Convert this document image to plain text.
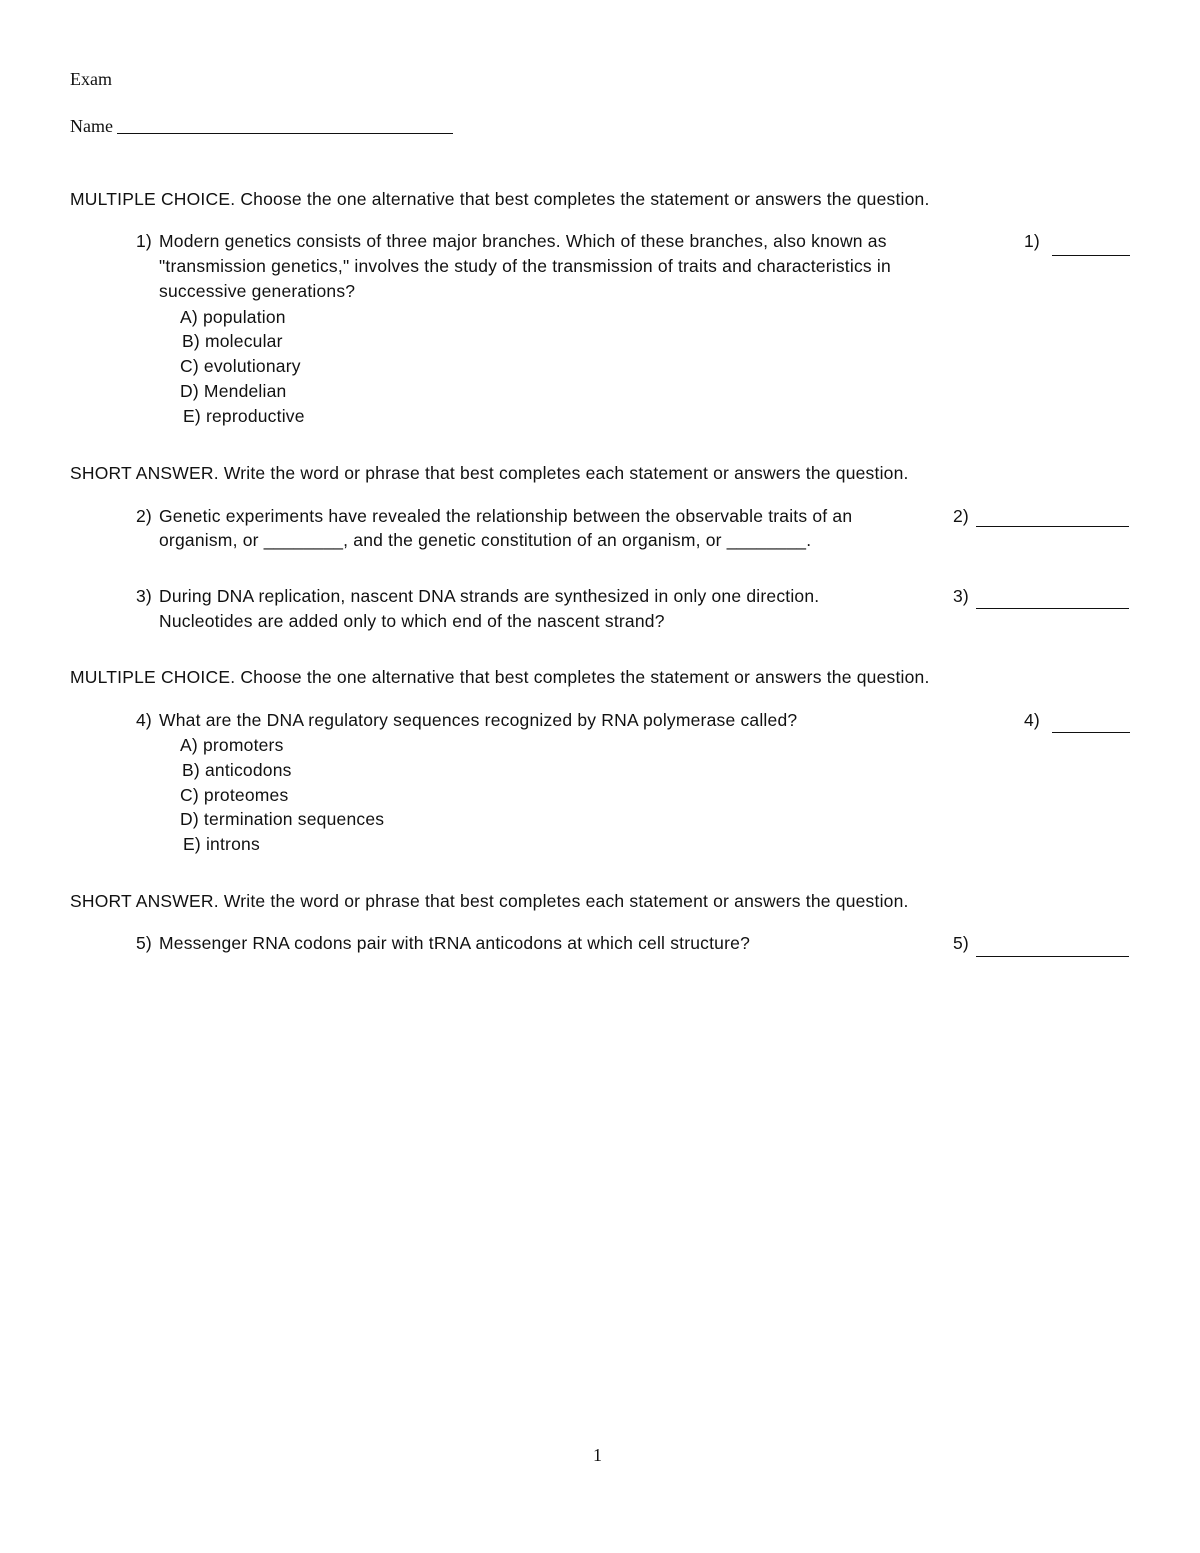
Exam
Name
MULTIPLE CHOICE. Choose the one alternative that best completes the statement or answers the question.
1) Modern genetics consists of three major branches. Which of these branches, also known as
"transmission genetics," involves the study of the transmission of traits and characteristics in
successive generations?
A) population
B) molecular
C) evolutionary
D) Mendelian
E) reproductive
1)
SHORT ANSWER. Write the word or phrase that best completes each statement or answers the question.
2) Genetic experiments have revealed the relationship between the observable traits of an
organism, or ________, and the genetic constitution of an organism, or ________.
2)
3) During DNA replication, nascent DNA strands are synthesized in only one direction.
Nucleotides are added only to which end of the nascent strand?
3)
MULTIPLE CHOICE. Choose the one alternative that best completes the statement or answers the question.
4) What are the DNA regulatory sequences recognized by RNA polymerase called?
A) promoters
B) anticodons
C) proteomes
D) termination sequences
E) introns
4)
SHORT ANSWER. Write the word or phrase that best completes each statement or answers the question.
5) Messenger RNA codons pair with tRNA anticodons at which cell structure?	5)
1
